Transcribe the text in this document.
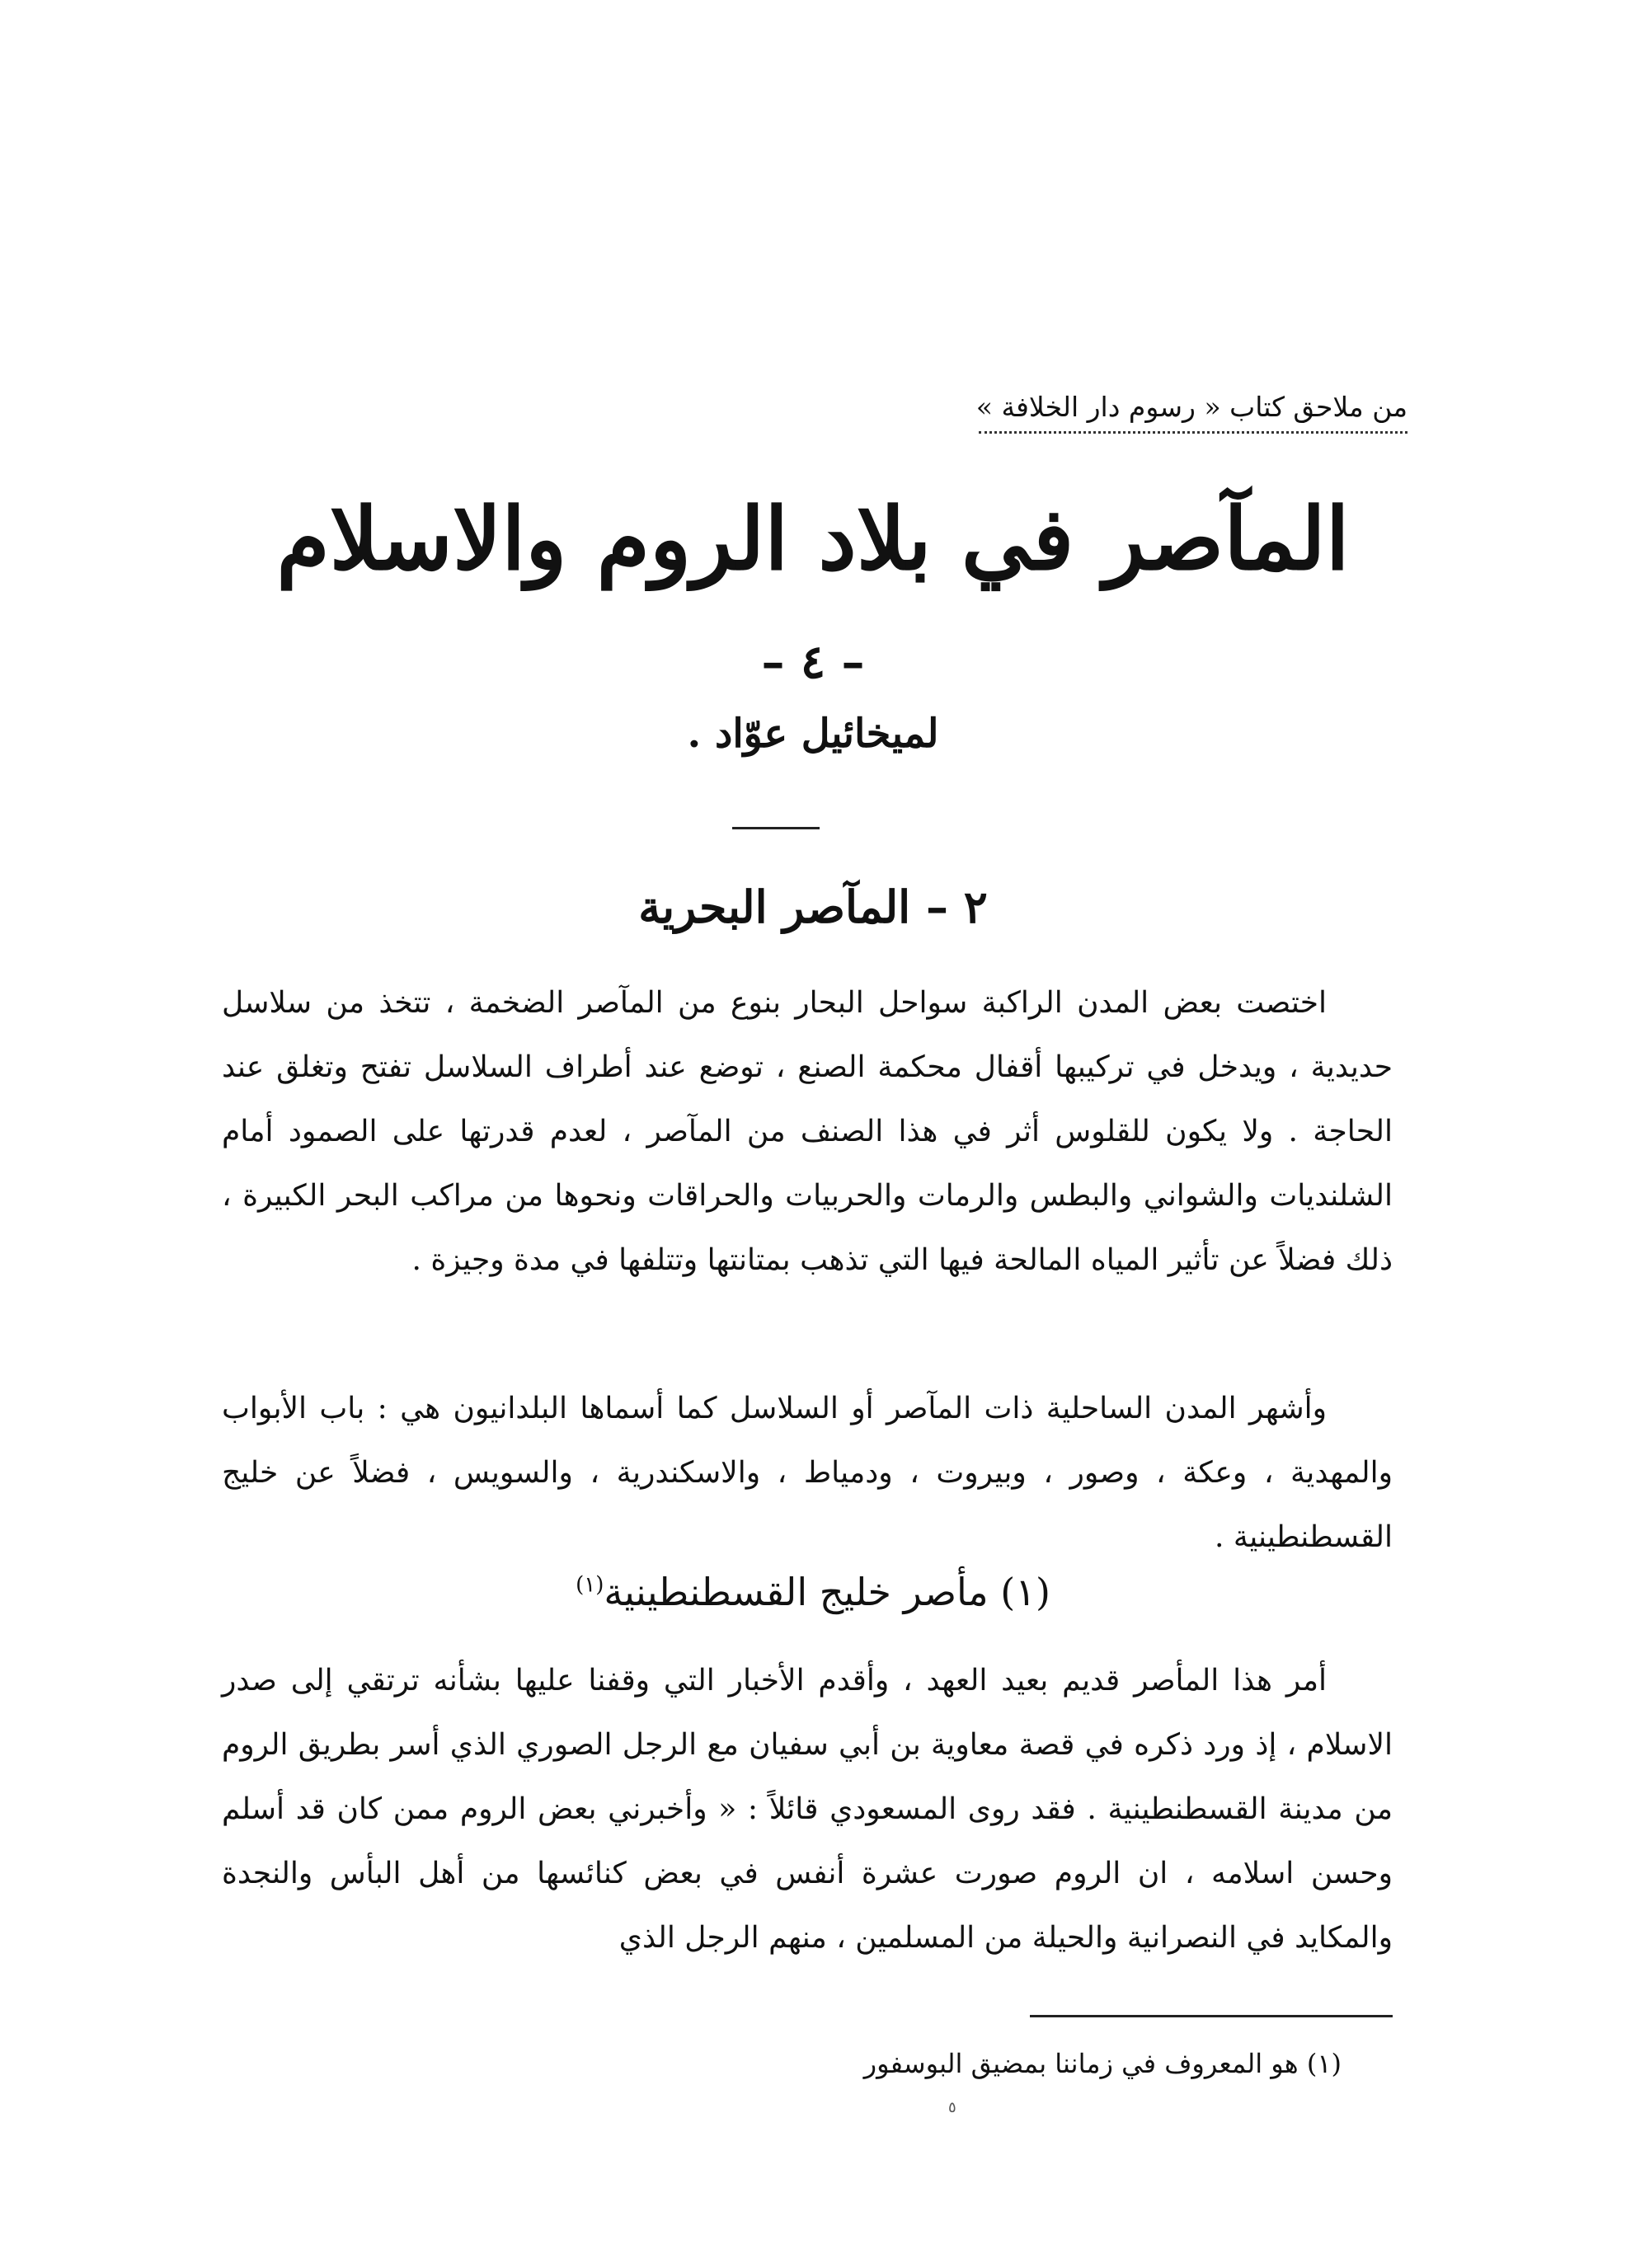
من ملاحق كتاب « رسوم دار الخلافة »
المآصر في بلاد الروم والاسلام
– ٤ –
لميخائيل عوّاد .
٢ – المآصر البحرية

اختصت بعض المدن الراكبة سواحل البحار بنوع من المآصر الضخمة ، تتخذ من سلاسل حديدية ، ويدخل في تركيبها أقفال محكمة الصنع ، توضع عند أطراف السلاسل تفتح وتغلق عند الحاجة . ولا يكون للقلوس أثر في هذا الصنف من المآصر ، لعدم قدرتها على الصمود أمام الشلنديات والشواني والبطس والرمات والحربيات والحراقات ونحوها من مراكب البحر الكبيرة ، ذلك فضلاً عن تأثير المياه المالحة فيها التي تذهب بمتانتها وتتلفها في مدة وجيزة .

وأشهر المدن الساحلية ذات المآصر أو السلاسل كما أسماها البلدانيون هي : باب الأبواب والمهدية ، وعكة ، وصور ، وبيروت ، ودمياط ، والاسكندرية ، والسويس ، فضلاً عن خليج القسطنطينية .

(١) مأصر خليج القسطنطينية$^{(١)}$

أمر هذا المأصر قديم بعيد العهد ، وأقدم الأخبار التي وقفنا عليها بشأنه ترتقي إلى صدر الاسلام ، إذ ورد ذكره في قصة معاوية بن أبي سفيان مع الرجل الصوري الذي أسر بطريق الروم من مدينة القسطنطينية . فقد روى المسعودي قائلاً : « وأخبرني بعض الروم ممن كان قد أسلم وحسن اسلامه ، ان الروم صورت عشرة أنفس في بعض كنائسها من أهل البأس والنجدة والمكايد في النصرانية والحيلة من المسلمين ، منهم الرجل الذي

(١) هو المعروف في زماننا بمضيق البوسفور
٥
